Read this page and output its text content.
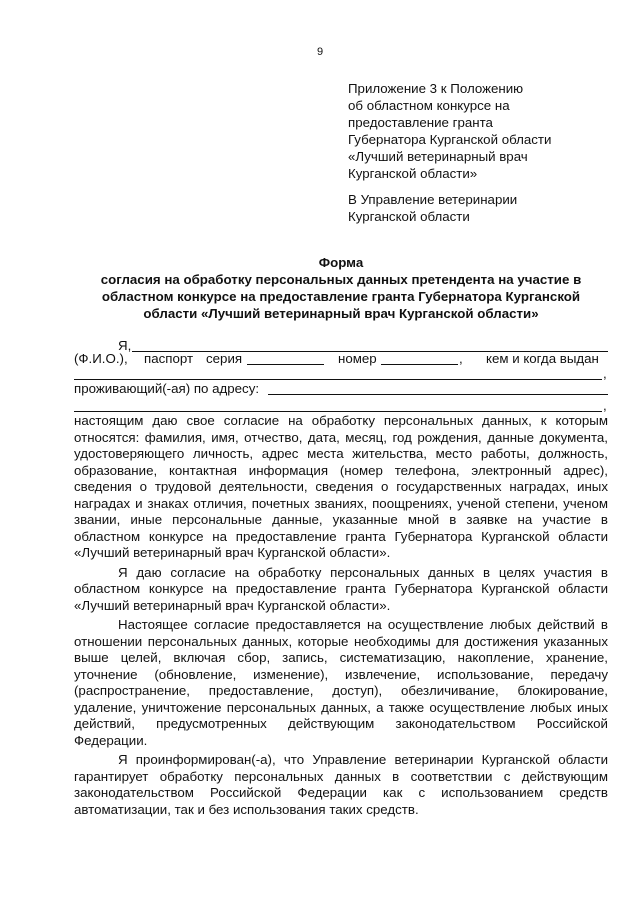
9
Приложение 3 к Положению
об областном конкурсе на
предоставление гранта
Губернатора Курганской области
«Лучший ветеринарный врач
Курганской области»
В Управление ветеринарии
Курганской области
Форма
согласия на обработку персональных данных претендента на участие в
областном конкурсе на предоставление гранта Губернатора Курганской
области «Лучший ветеринарный врач Курганской области»
Я,
(Ф.И.О.), паспорт серия	номер	, кем и когда выдан
,
проживающий(-ая) по адресу:
,

настоящим даю свое согласие на обработку персональных данных, к которым относятся: фамилия, имя, отчество, дата, месяц, год рождения, данные документа, удостоверяющего личность, адрес места жительства, место работы, должность, образование, контактная информация (номер телефона, электронный адрес), сведения о трудовой деятельности, сведения о государственных наградах, иных наградах и знаках отличия, почетных званиях, поощрениях, ученой степени, ученом звании, иные персональные данные, указанные мной в заявке на участие в областном конкурсе на предоставление гранта Губернатора Курганской области «Лучший ветеринарный врач Курганской области».

Я даю согласие на обработку персональных данных в целях участия в областном конкурсе на предоставление гранта Губернатора Курганской области «Лучший ветеринарный врач Курганской области».

Настоящее согласие предоставляется на осуществление любых действий в отношении персональных данных, которые необходимы для достижения указанных выше целей, включая сбор, запись, систематизацию, накопление, хранение, уточнение (обновление, изменение), извлечение, использование, передачу (распространение, предоставление, доступ), обезличивание, блокирование, удаление, уничтожение персональных данных, а также осуществление любых иных действий, предусмотренных действующим законодательством Российской Федерации.

Я проинформирован(-а), что Управление ветеринарии Курганской области гарантирует обработку персональных данных в соответствии с действующим законодательством Российской Федерации как с использованием средств автоматизации, так и без использования таких средств.
